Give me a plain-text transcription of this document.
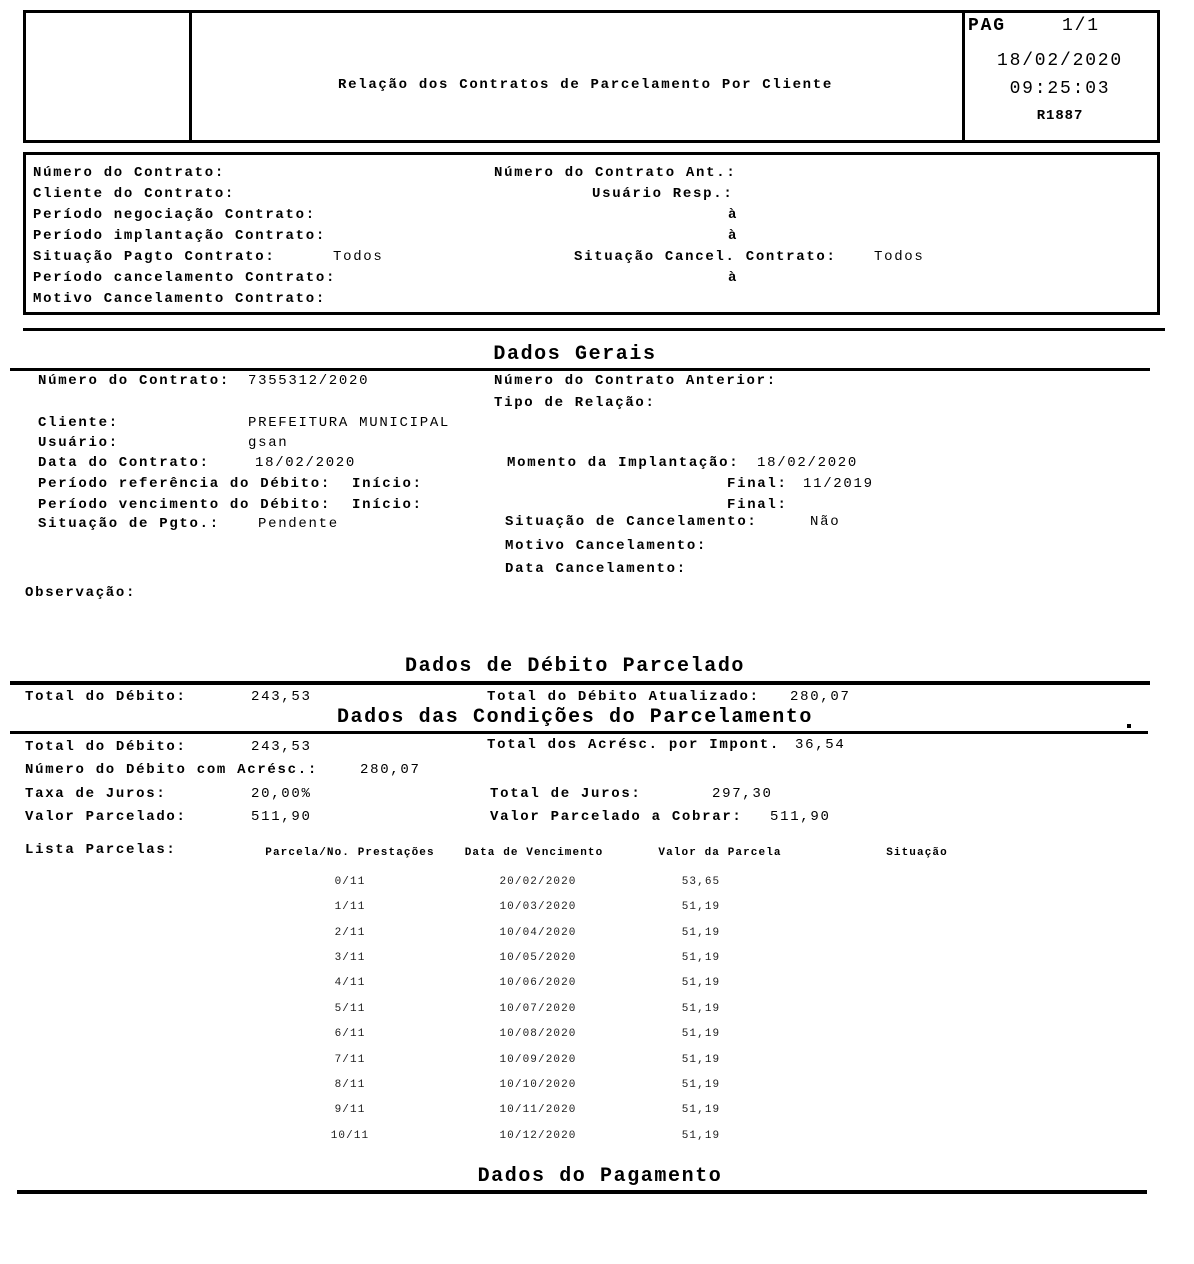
Relação dos Contratos de Parcelamento Por Cliente
PAG	1/1
18/02/2020
09:25:03
R1887
Número do Contrato:	Número do Contrato Ant.:
Cliente do Contrato:	Usuário Resp.:
Período negociação Contrato:	à
Período implantação Contrato:	à
Situação Pagto Contrato:	Todos	Situação Cancel. Contrato:	Todos
Período cancelamento Contrato:	à
Motivo Cancelamento Contrato:
Dados Gerais
Número do Contrato: 7355312/2020	Número do Contrato Anterior:
Tipo de Relação:
Cliente:	PREFEITURA MUNICIPAL
Usuário:	gsan
Data do Contrato:	18/02/2020	Momento da Implantação: 18/02/2020
Período referência do Débito: Início:	Final: 11/2019
Período vencimento do Débito: Início:	Final:
Situação de Pgto.:	Pendente	Situação de Cancelamento:	Não
Motivo Cancelamento:
Data Cancelamento:
Observação:
Dados de Débito Parcelado
Total do Débito:	243,53	Total do Débito Atualizado: 280,07
Dados das Condições do Parcelamento
Total do Débito:	243,53	Total dos Acrésc. por Impont. 36,54
Número do Débito com Acrésc.:	280,07
Taxa de Juros:	20,00%	Total de Juros:	297,30
Valor Parcelado:	511,90	Valor Parcelado a Cobrar: 511,90
Lista Parcelas:	Parcela/No. Prestações	Data de Vencimento	Valor da Parcela	Situação
0/11	20/02/2020	53,65
1/11	10/03/2020	51,19
2/11	10/04/2020	51,19
3/11	10/05/2020	51,19
4/11	10/06/2020	51,19
5/11	10/07/2020	51,19
6/11	10/08/2020	51,19
7/11	10/09/2020	51,19
8/11	10/10/2020	51,19
9/11	10/11/2020	51,19
10/11	10/12/2020	51,19
Dados do Pagamento
